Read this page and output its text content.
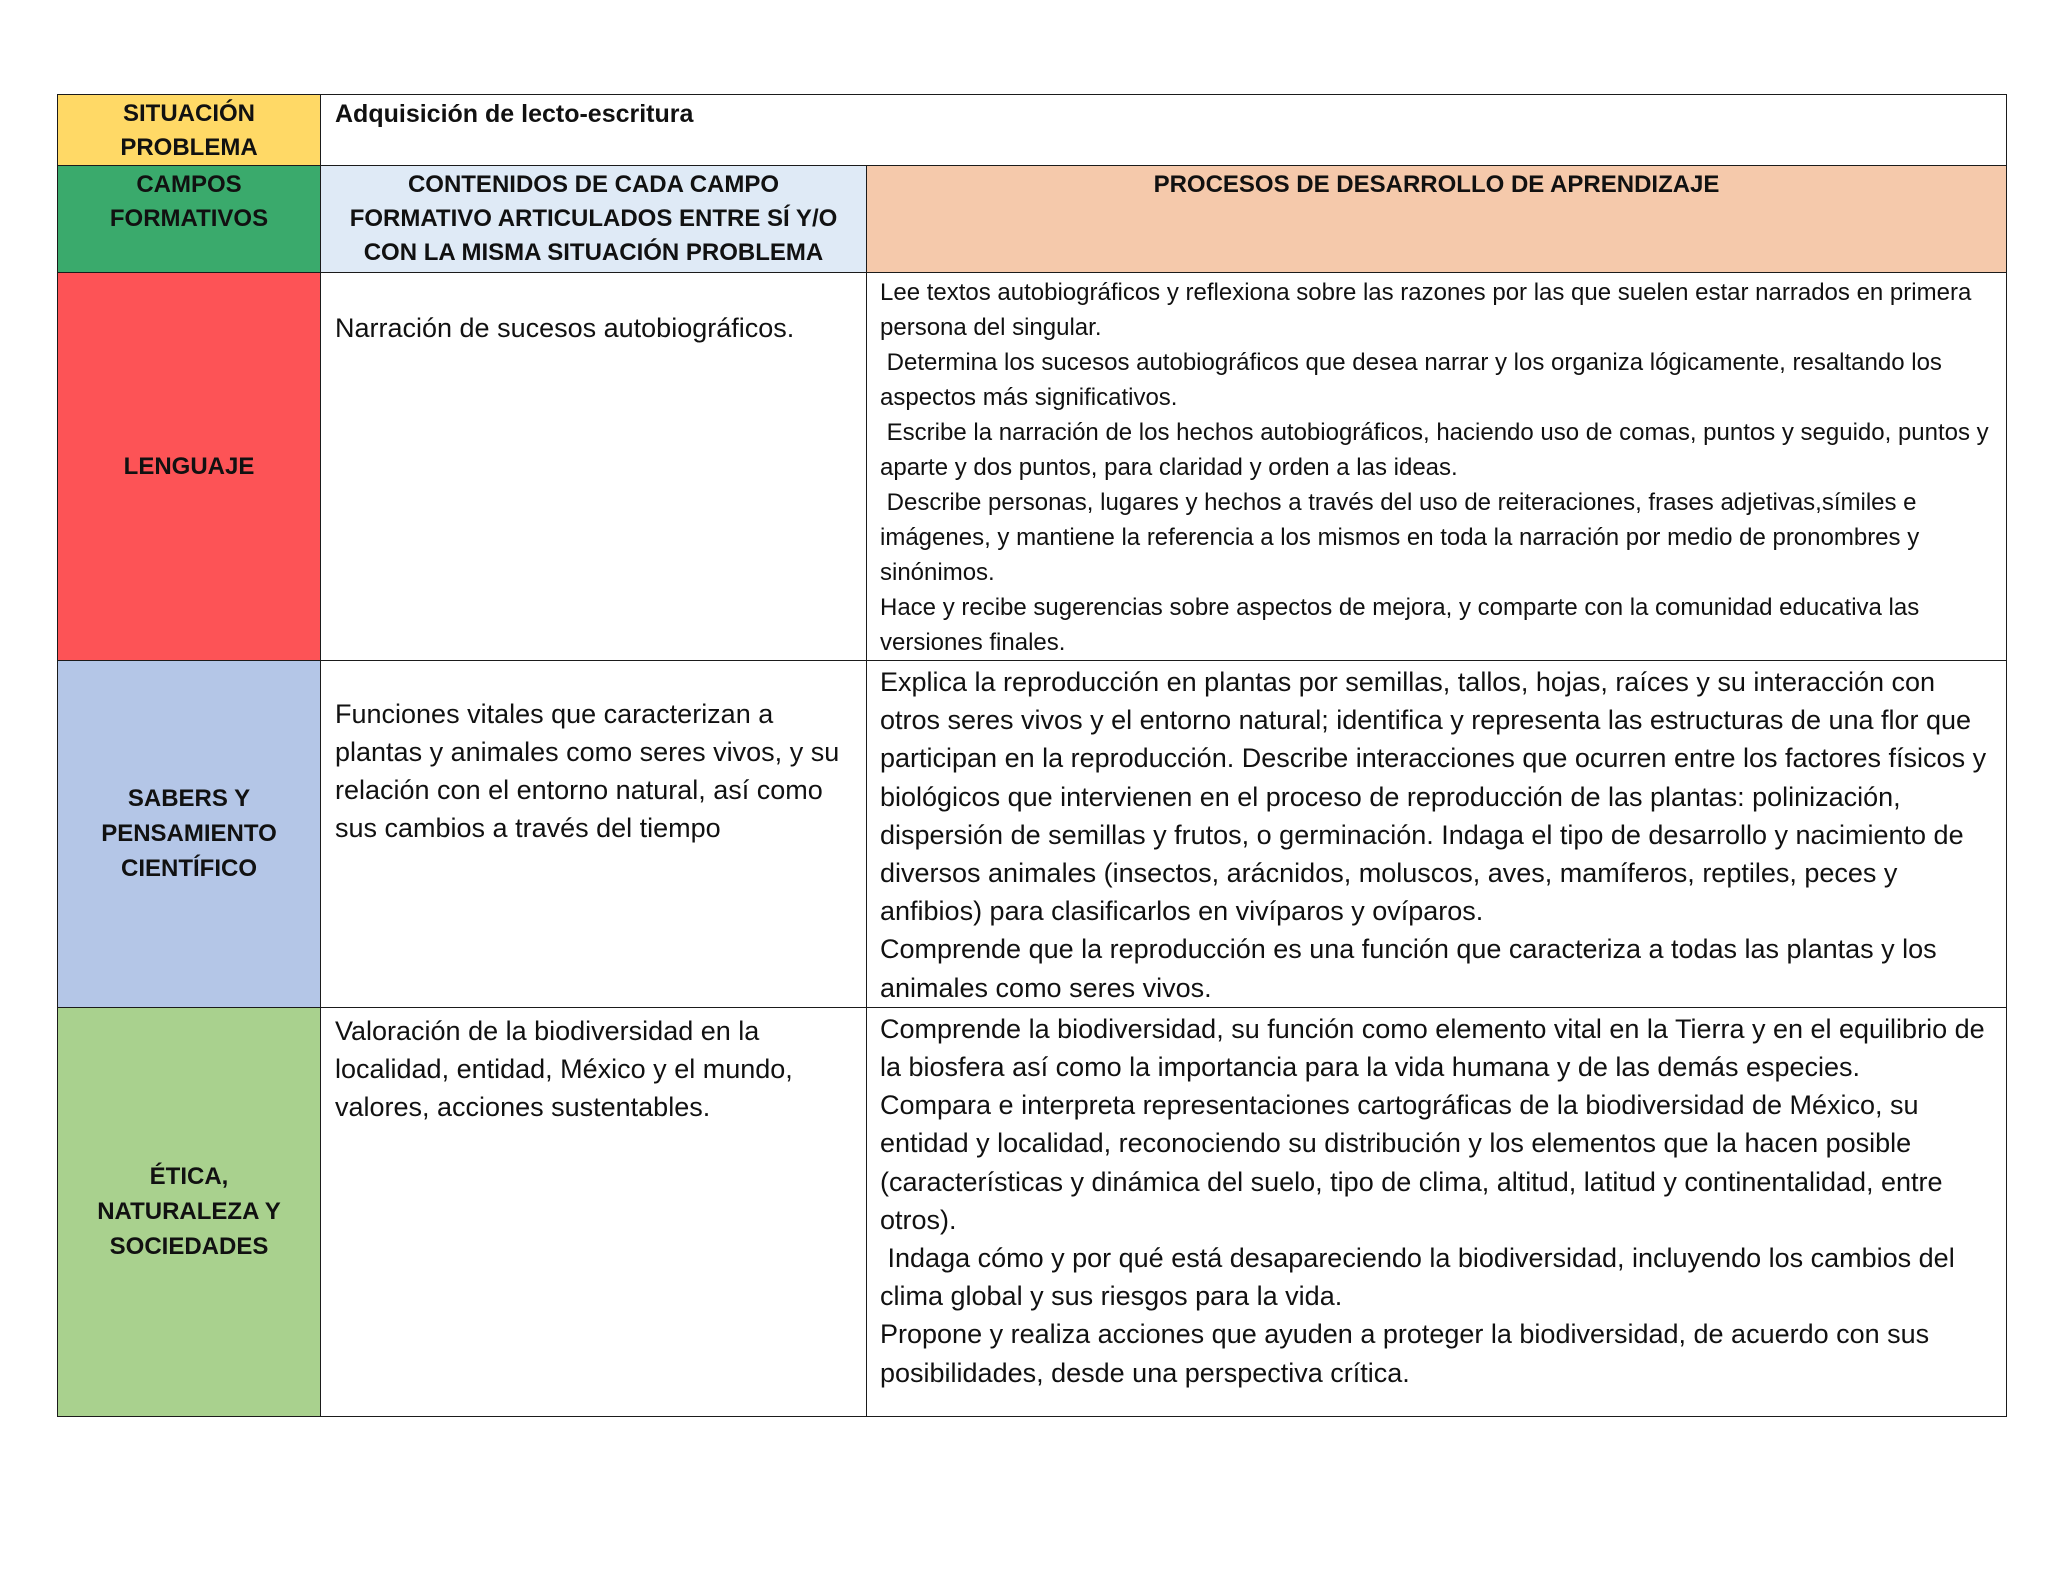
SITUACIÓN PROBLEMA	Adquisición de lecto-escritura	

CAMPOS FORMATIVOS	CONTENIDOS DE CADA CAMPO FORMATIVO ARTICULADOS ENTRE SÍ Y/O CON LA MISMA SITUACIÓN PROBLEMA	PROCESOS DE DESARROLLO DE APRENDIZAJE

LENGUAJE	Narración de sucesos autobiográficos.	Lee textos autobiográficos y reflexiona sobre las razones por las que suelen estar narrados en primera persona del singular.

Determina los sucesos autobiográficos que desea narrar y los organiza lógicamente, resaltando los aspectos más significativos.

Escribe la narración de los hechos autobiográficos, haciendo uso de comas, puntos y seguido, puntos y aparte y dos puntos, para claridad y orden a las ideas.

Describe personas, lugares y hechos a través del uso de reiteraciones, frases adjetivas,símiles e imágenes, y mantiene la referencia a los mismos en toda la narración por medio de pronombres y sinónimos.

Hace y recibe sugerencias sobre aspectos de mejora, y comparte con la comunidad educativa las versiones finales.

SABERS Y PENSAMIENTO CIENTÍFICO	Funciones vitales que caracterizan a plantas y animales como seres vivos, y su relación con el entorno natural, así como sus cambios a través del tiempo	Explica la reproducción en plantas por semillas, tallos, hojas, raíces y su interacción con otros seres vivos y el entorno natural; identifica y representa las estructuras de una flor que participan en la reproducción. Describe interacciones que ocurren entre los factores físicos y biológicos que intervienen en el proceso de reproducción de las plantas: polinización, dispersión de semillas y frutos, o germinación. Indaga el tipo de desarrollo y nacimiento de diversos animales (insectos, arácnidos, moluscos, aves, mamíferos, reptiles, peces y anfibios) para clasificarlos en vivíparos y ovíparos.

Comprende que la reproducción es una función que caracteriza a todas las plantas y los animales como seres vivos.

ÉTICA, NATURALEZA Y SOCIEDADES	Valoración de la biodiversidad en la localidad, entidad, México y el mundo, valores, acciones sustentables.	Comprende la biodiversidad, su función como elemento vital en la Tierra y en el equilibrio de la biosfera así como la importancia para la vida humana y de las demás especies.

Compara e interpreta representaciones cartográficas de la biodiversidad de México, su entidad y localidad, reconociendo su distribución y los elementos que la hacen posible (características y dinámica del suelo, tipo de clima, altitud, latitud y continentalidad, entre otros).

Indaga cómo y por qué está desapareciendo la biodiversidad, incluyendo los cambios del clima global y sus riesgos para la vida.

Propone y realiza acciones que ayuden a proteger la biodiversidad, de acuerdo con sus posibilidades, desde una perspectiva crítica.
